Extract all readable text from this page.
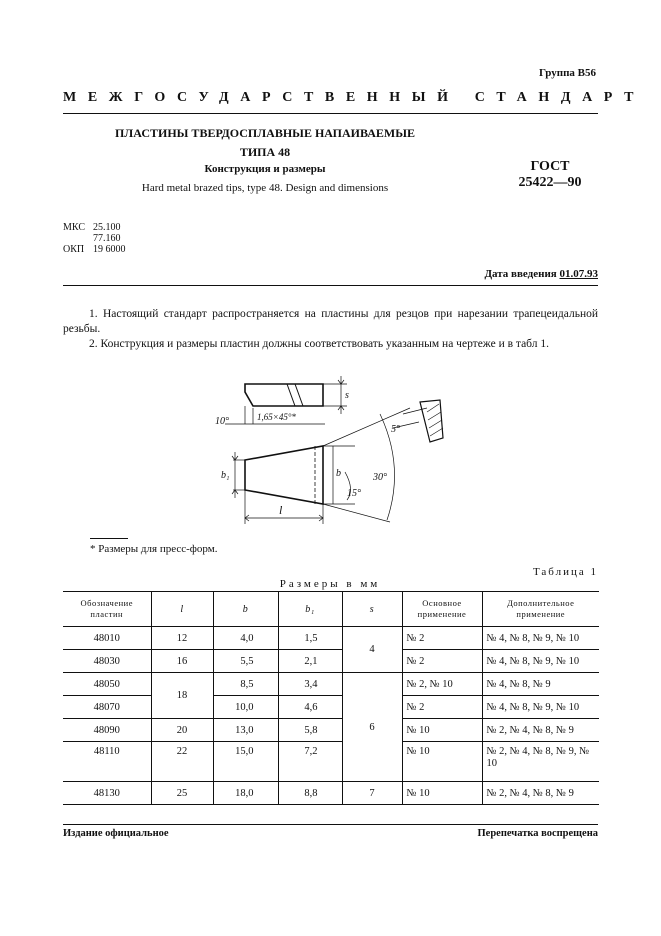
Группа В56
МЕЖГОСУДАРСТВЕННЫЙ СТАНДАРТ
ПЛАСТИНЫ ТВЕРДОСПЛАВНЫЕ НАПАИВАЕМЫЕ
ТИПА 48
Конструкция и размеры
Hard metal brazed tips, type 48. Design and dimensions
ГОСТ
25422—90
МКС 25.100
77.160
ОКП 19 6000
Дата введения 01.07.93
1. Настоящий стандарт распространяется на пластины для резцов при нарезании трапецеидальной резьбы.
2. Конструкция и размеры пластин должны соответствовать указанным на чертеже и в табл 1.
10°	1,65×45°*
s
5°
b₁	b
15°
30°
l
* Размеры для пресс-форм.
Таблица 1
Размеры в мм
Обозначение пластин	l	b	b₁	s	Основное применение	Дополнительное применение
48010	12	4,0	1,5	4	№ 2	№ 4, № 8, № 9, № 10
48030	16	5,5	2,1		№ 2	№ 4, № 8, № 9, № 10
48050	18	8,5	3,4	6	№ 2, № 10	№ 4, № 8, № 9
48070		10,0	4,6		№ 2	№ 4, № 8, № 9, № 10
48090	20	13,0	5,8		№ 10	№ 2, № 4, № 8, № 9
48110	22	15,0	7,2		№ 10	№ 2, № 4, № 8, № 9, № 10
48130	25	18,0	8,8	7	№ 10	№ 2, № 4, № 8, № 9
Издание официальное	Перепечатка воспрещена
